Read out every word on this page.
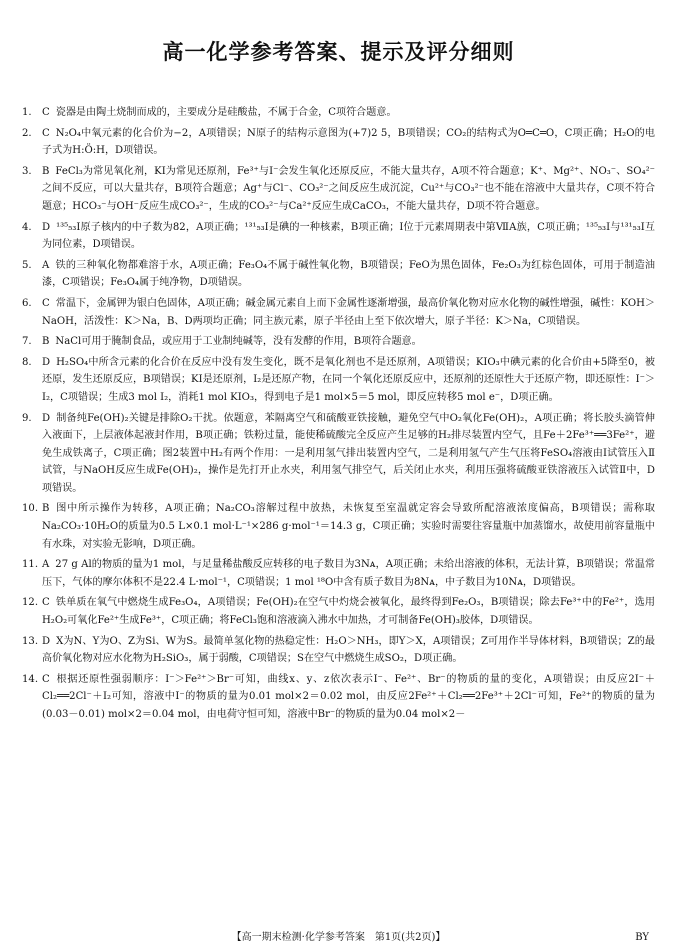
高一化学参考答案、提示及评分细则
1. C 瓷器是由陶土烧制而成的，主要成分是硅酸盐，不属于合金，C项符合题意。
2. C N₂O₄中氧元素的化合价为−2，A项错误；N原子的结构示意图为(+7)2 5，B项错误；CO₂的结构式为O═C═O，C项正确；H₂O的电子式为H:Ö:H，D项错误。
3. B FeCl₃为常见氧化剂，KI为常见还原剂，Fe³⁺与I⁻会发生氧化还原反应，不能大量共存，A项不符合题意；K⁺、Mg²⁺、NO₃⁻、SO₄²⁻之间不反应，可以大量共存，B项符合题意；Ag⁺与Cl⁻、CO₃²⁻之间反应生成沉淀，Cu²⁺与CO₃²⁻也不能在溶液中大量共存，C项不符合题意；HCO₃⁻与OH⁻反应生成CO₃²⁻，生成的CO₃²⁻与Ca²⁺反应生成CaCO₃，不能大量共存，D项不符合题意。
4. D ¹³⁵₅₃I原子核内的中子数为82，A项正确；¹³¹₅₃I是碘的一种核素，B项正确；I位于元素周期表中第ⅦA族，C项正确；¹³⁵₅₃I与¹³¹₅₃I互为同位素，D项错误。
5. A 铁的三种氧化物都难溶于水，A项正确；Fe₃O₄不属于碱性氧化物，B项错误；FeO为黑色固体，Fe₂O₃为红棕色固体，可用于制造油漆，C项错误；Fe₃O₄属于纯净物，D项错误。
6. C 常温下，金属钾为银白色固体，A项正确；碱金属元素自上而下金属性逐渐增强，最高价氧化物对应水化物的碱性增强，碱性：KOH＞NaOH，活泼性：K＞Na，B、D两项均正确；同主族元素，原子半径由上至下依次增大，原子半径：K＞Na，C项错误。
7. B NaCl可用于腌制食品，或应用于工业制纯碱等，没有发酵的作用，B项符合题意。
8. D H₂SO₄中所含元素的化合价在反应中没有发生变化，既不是氧化剂也不是还原剂，A项错误；KIO₃中碘元素的化合价由+5降至0，被还原，发生还原反应，B项错误；KI是还原剂，I₂是还原产物，在同一个氧化还原反应中，还原剂的还原性大于还原产物，即还原性：I⁻＞I₂，C项错误；生成3 mol I₂，消耗1 mol KIO₃，得到电子是1 mol×5＝5 mol，即反应转移5 mol e⁻，D项正确。
9. D 制备纯Fe(OH)₂关键是排除O₂干扰。依题意，苯隔离空气和硫酸亚铁接触，避免空气中O₂氧化Fe(OH)₂，A项正确；将长胶头滴管伸入液面下，上层液体起液封作用，B项正确；铁粉过量，能使稀硫酸完全反应产生足够的H₂排尽装置内空气，且Fe＋2Fe³⁺══3Fe²⁺，避免生成铁离子，C项正确；图2装置中H₂有两个作用：一是利用氢气排出装置内空气，二是利用氢气产生气压将FeSO₄溶液由Ⅰ试管压入Ⅱ试管，与NaOH反应生成Fe(OH)₂，操作是先打开止水夹，利用氢气排空气，后关闭止水夹，利用压强将硫酸亚铁溶液压入试管Ⅱ中，D项错误。
10. B 图中所示操作为转移，A项正确；Na₂CO₃溶解过程中放热，未恢复至室温就定容会导致所配溶液浓度偏高，B项错误；需称取Na₂CO₃·10H₂O的质量为0.5 L×0.1 mol·L⁻¹×286 g·mol⁻¹＝14.3 g，C项正确；实验时需要往容量瓶中加蒸馏水，故使用前容量瓶中有水珠，对实验无影响，D项正确。
11. A 27 g Al的物质的量为1 mol，与足量稀盐酸反应转移的电子数目为3Nᴀ，A项正确；未给出溶液的体积，无法计算，B项错误；常温常压下，气体的摩尔体积不是22.4 L·mol⁻¹，C项错误；1 mol ¹⁸O中含有质子数目为8Nᴀ，中子数目为10Nᴀ，D项错误。
12. C 铁单质在氧气中燃烧生成Fe₃O₄，A项错误；Fe(OH)₂在空气中灼烧会被氧化，最终得到Fe₂O₃，B项错误；除去Fe³⁺中的Fe²⁺，选用H₂O₂可氧化Fe²⁺生成Fe³⁺，C项正确；将FeCl₃饱和溶液滴入沸水中加热，才可制备Fe(OH)₃胶体，D项错误。
13. D X为N、Y为O、Z为Si、W为S。最简单氢化物的热稳定性：H₂O＞NH₃，即Y＞X，A项错误；Z可用作半导体材料，B项错误；Z的最高价氧化物对应水化物为H₂SiO₃，属于弱酸，C项错误；S在空气中燃烧生成SO₂，D项正确。
14. C 根据还原性强弱顺序：I⁻＞Fe²⁺＞Br⁻可知，曲线x、y、z依次表示I⁻、Fe²⁺、Br⁻的物质的量的变化，A项错误；由反应2I⁻＋Cl₂══2Cl⁻＋I₂可知，溶液中I⁻的物质的量为0.01 mol×2＝0.02 mol，由反应2Fe²⁺＋Cl₂══2Fe³⁺＋2Cl⁻可知，Fe²⁺的物质的量为(0.03－0.01) mol×2＝0.04 mol，由电荷守恒可知，溶液中Br⁻的物质的量为0.04 mol×2－
【高一期末检测·化学参考答案　第1页(共2页)】	BY
